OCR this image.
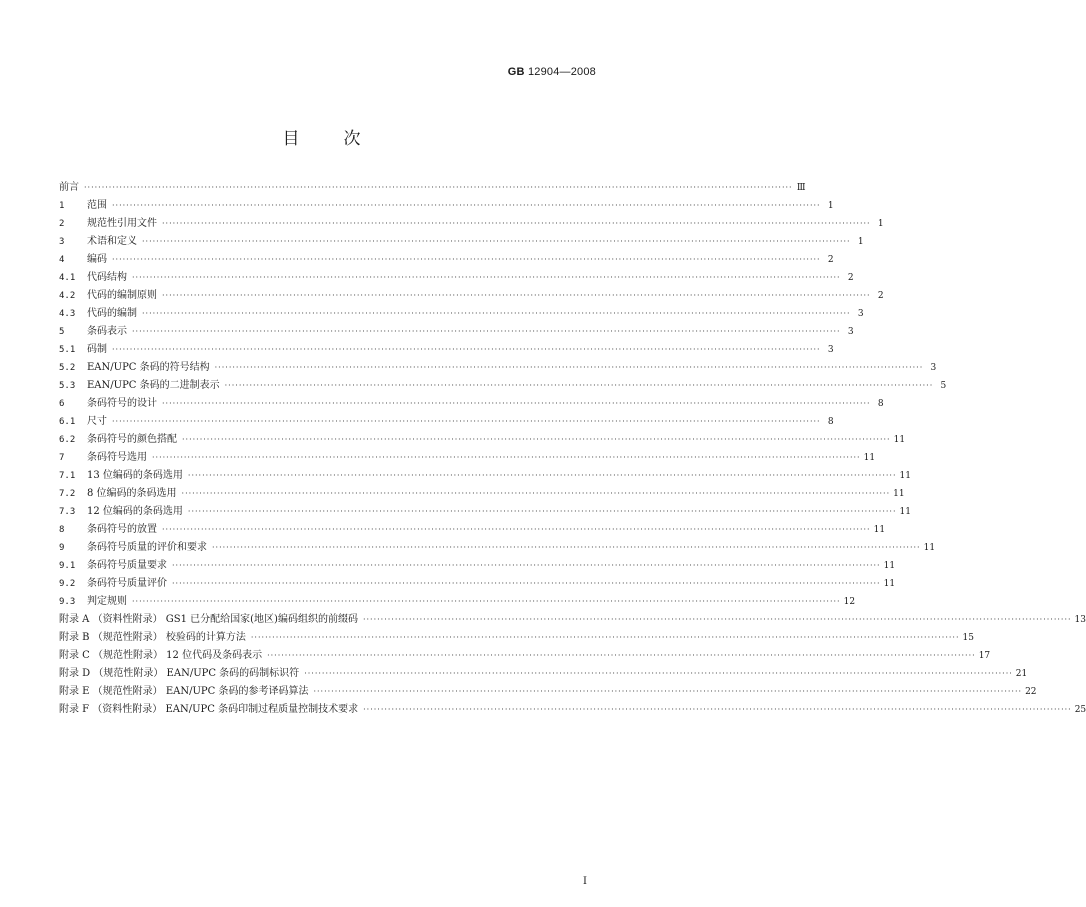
GB 12904—2008
目	次
前言 ········································································································································································································ Ⅲ
1	范围 ········································································································································································································ 1
2	规范性引用文件 ········································································································································································································ 1
3	术语和定义 ········································································································································································································ 1
4	编码 ········································································································································································································ 2
4.1	代码结构 ········································································································································································································ 2
4.2	代码的编制原则 ········································································································································································································ 2
4.3	代码的编制 ········································································································································································································ 3
5	条码表示 ········································································································································································································ 3
5.1	码制 ········································································································································································································ 3
5.2	EAN/UPC 条码的符号结构 ········································································································································································································ 3
5.3	EAN/UPC 条码的二进制表示 ········································································································································································································ 5
6	条码符号的设计 ········································································································································································································ 8
6.1	尺寸 ········································································································································································································ 8
6.2	条码符号的颜色搭配 ········································································································································································································ 11
7	条码符号选用 ········································································································································································································ 11
7.1	13 位编码的条码选用 ········································································································································································································ 11
7.2	8 位编码的条码选用 ········································································································································································································ 11
7.3	12 位编码的条码选用 ········································································································································································································ 11
8	条码符号的放置 ········································································································································································································ 11
9	条码符号质量的评价和要求 ········································································································································································································ 11
9.1	条码符号质量要求 ········································································································································································································ 11
9.2	条码符号质量评价 ········································································································································································································ 11
9.3	判定规则 ········································································································································································································ 12
附录 A （资料性附录） GS1 已分配给国家(地区)编码组织的前缀码 ········································································································································································································ 13
附录 B （规范性附录） 校验码的计算方法 ········································································································································································································ 15
附录 C （规范性附录） 12 位代码及条码表示 ········································································································································································································ 17
附录 D （规范性附录） EAN/UPC 条码的码制标识符 ········································································································································································································ 21
附录 E （规范性附录） EAN/UPC 条码的参考译码算法 ········································································································································································································ 22
附录 F （资料性附录） EAN/UPC 条码印制过程质量控制技术要求 ········································································································································································································ 25
I
